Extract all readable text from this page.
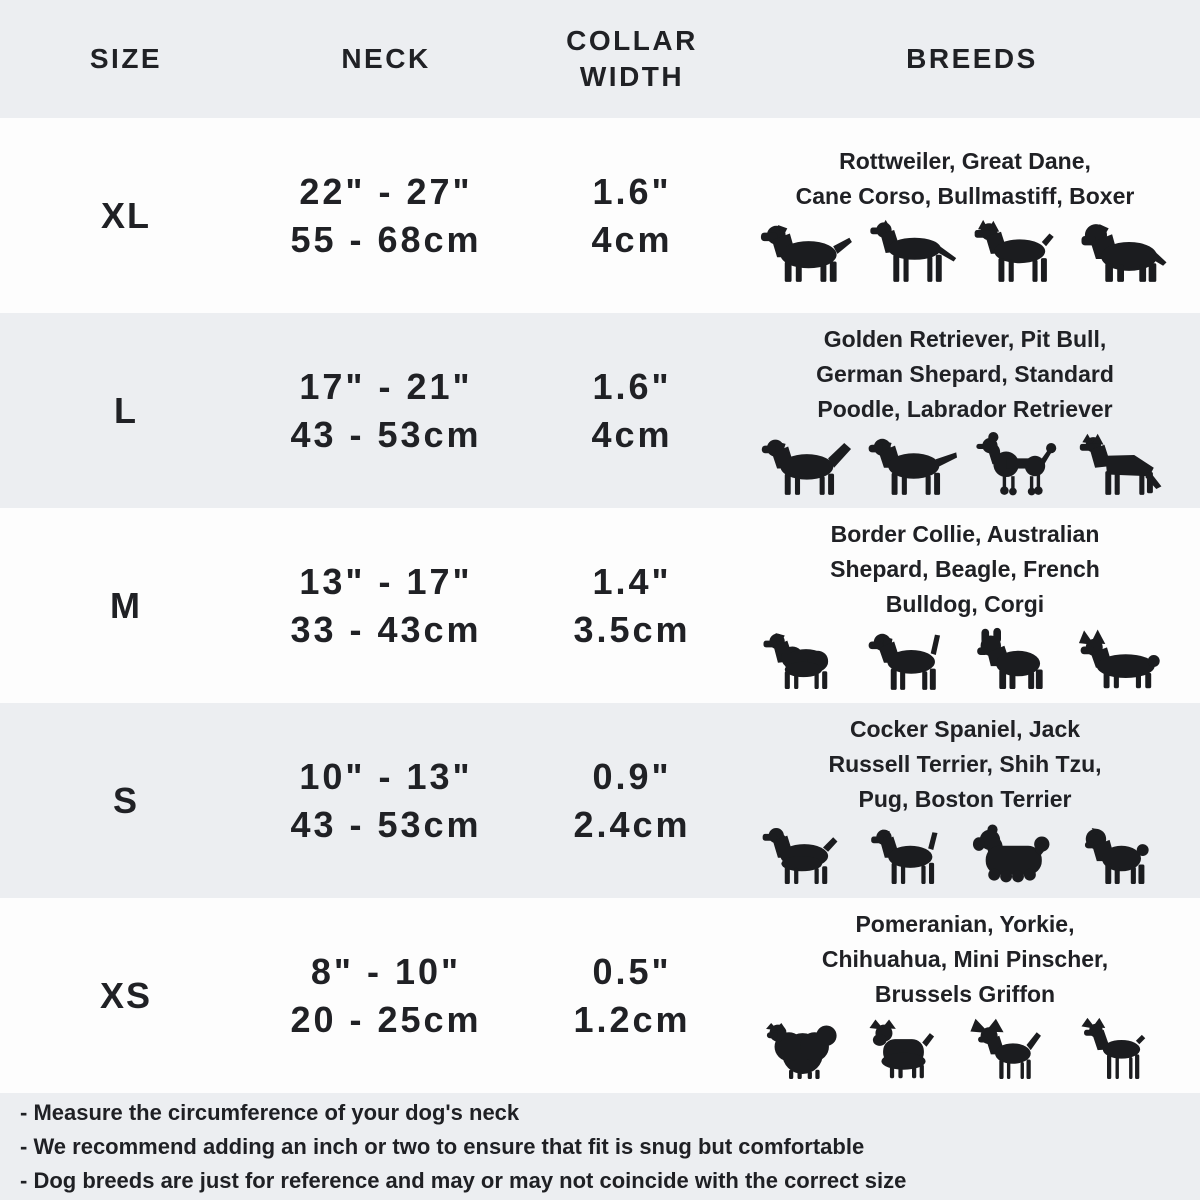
SIZE	NECK
COLLAR WIDTH
BREEDS
XL
22" - 27"
55 - 68cm
1.6"
4cm
Rottweiler, Great Dane,
Cane Corso, Bullmastiff, Boxer
L
17" - 21"
43 - 53cm
1.6"
4cm
Golden Retriever, Pit Bull,
German Shepard, Standard
Poodle, Labrador Retriever
M
13" - 17"
33 - 43cm
1.4"
3.5cm
Border Collie, Australian
Shepard, Beagle, French
Bulldog, Corgi
S
10" - 13"
43 - 53cm
0.9"
2.4cm
Cocker Spaniel, Jack
Russell Terrier, Shih Tzu,
Pug, Boston Terrier
XS
8" - 10"
20 - 25cm
0.5"
1.2cm
Pomeranian, Yorkie,
Chihuahua, Mini Pinscher,
Brussels Griffon
- Measure the circumference of your dog's neck
- We recommend adding an inch or two to ensure that fit is snug but comfortable
- Dog breeds are just for reference and may or may not coincide with the correct size
